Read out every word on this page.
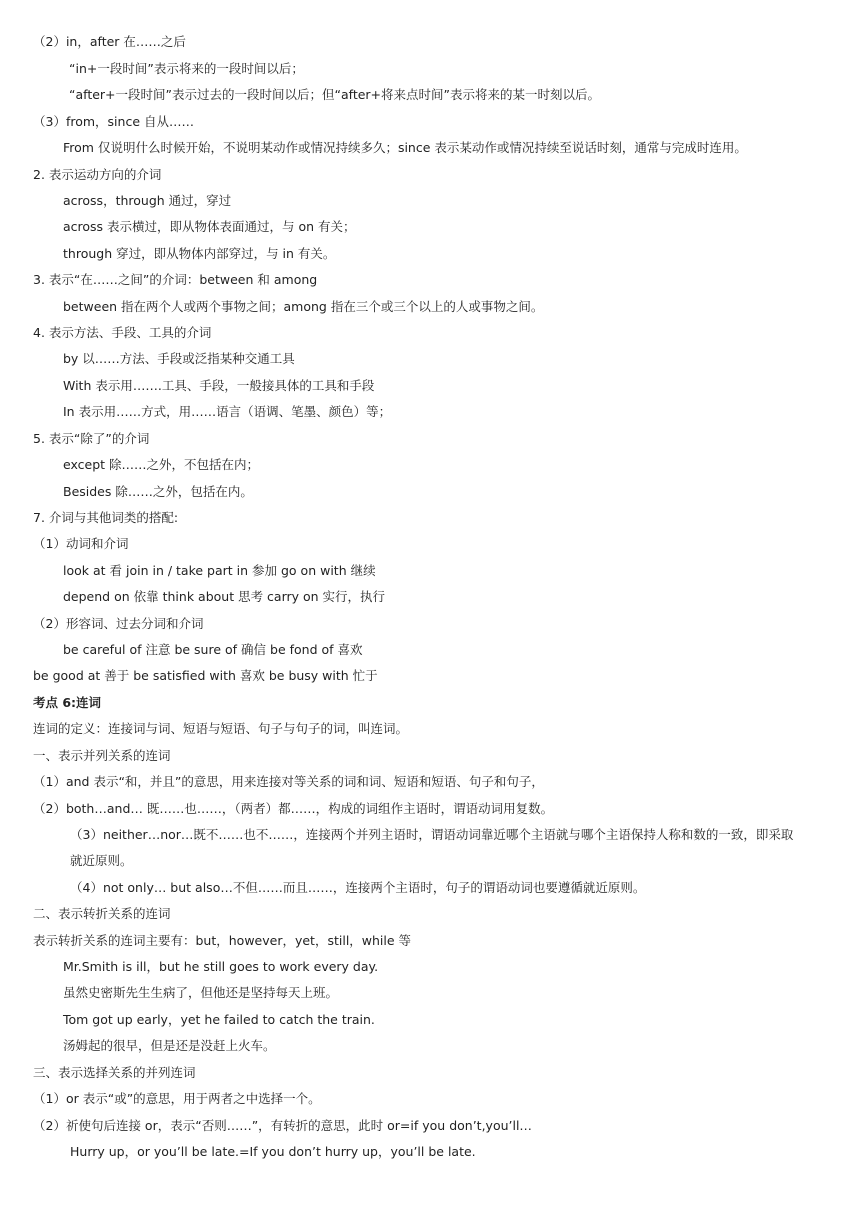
（2）in，after 在……之后
“in+一段时间”表示将来的一段时间以后；
“after+一段时间”表示过去的一段时间以后；但“after+将来点时间”表示将来的某一时刻以后。
（3）from，since 自从……
From 仅说明什么时候开始，不说明某动作或情况持续多久；since 表示某动作或情况持续至说话时刻，通常与完成时连用。
2. 表示运动方向的介词
across，through 通过，穿过
across 表示横过，即从物体表面通过，与 on 有关；
through 穿过，即从物体内部穿过，与 in 有关。
3. 表示“在……之间”的介词：between 和 among
between 指在两个人或两个事物之间；among 指在三个或三个以上的人或事物之间。
4. 表示方法、手段、工具的介词
by 以……方法、手段或泛指某种交通工具
With 表示用…….工具、手段，一般接具体的工具和手段
In 表示用……方式，用……语言（语调、笔墨、颜色）等；
5. 表示“除了”的介词
except 除……之外，不包括在内；
Besides 除……之外，包括在内。
7. 介词与其他词类的搭配:
（1）动词和介词
look at 看 join in / take part in 参加 go on with 继续
depend on 依靠 think about 思考 carry on 实行，执行
（2）形容词、过去分词和介词
be careful of 注意 be sure of 确信 be fond of 喜欢
be good at 善于 be satisfied with 喜欢 be busy with 忙于
考点 6:连词
连词的定义：连接词与词、短语与短语、句子与句子的词，叫连词。
一、表示并列关系的连词
（1）and 表示“和，并且”的意思，用来连接对等关系的词和词、短语和短语、句子和句子，
（2）both…and… 既……也……，（两者）都……，构成的词组作主语时，谓语动词用复数。
（3）neither…nor…既不……也不……，连接两个并列主语时，谓语动词靠近哪个主语就与哪个主语保持人称和数的一致，即采取
就近原则。
（4）not only… but also…不但……而且……，连接两个主语时，句子的谓语动词也要遵循就近原则。
二、表示转折关系的连词
表示转折关系的连词主要有：but，however，yet，still，while 等
Mr.Smith is ill，but he still goes to work every day.
虽然史密斯先生生病了，但他还是坚持每天上班。
Tom got up early，yet he failed to catch the train.
汤姆起的很早，但是还是没赶上火车。
三、表示选择关系的并列连词
（1）or 表示“或”的意思，用于两者之中选择一个。
（2）祈使句后连接 or，表示“否则……”，有转折的意思，此时 or=if you don’t,you’ll…
Hurry up，or you’ll be late.=If you don’t hurry up，you’ll be late.
